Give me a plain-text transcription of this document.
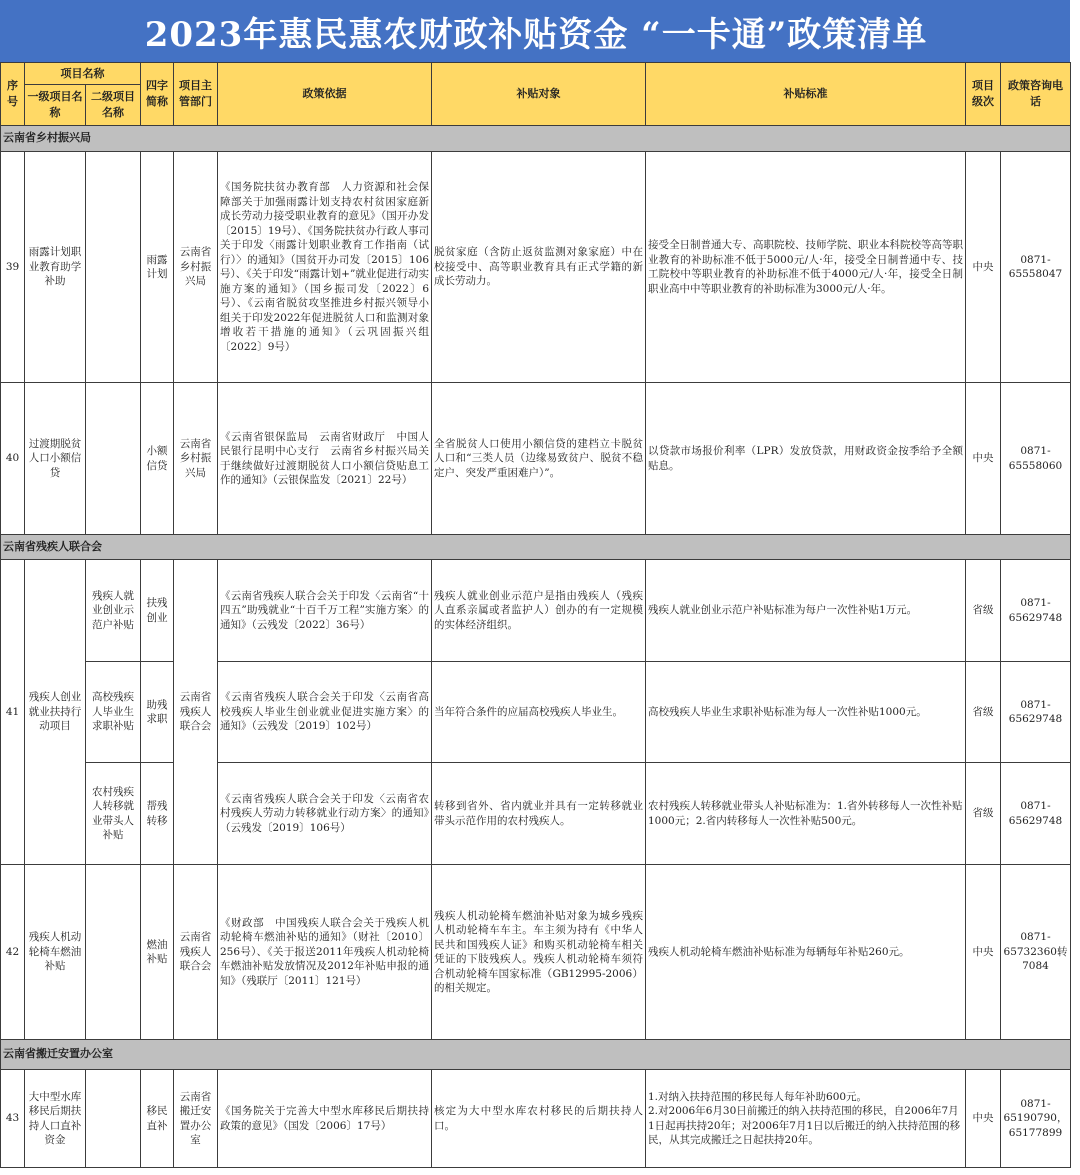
2023年惠民惠农财政补贴资金 “一卡通”政策清单
序号	项目名称		四字简称	项目主管部门	政策依据	补贴对象	补贴标准	项目级次	政策咨询电话
	一级项目名称	二级项目名称							
云南省乡村振兴局									
39	雨露计划职业教育助学补助		雨露计划	云南省乡村振兴局	《国务院扶贫办教育部　人力资源和社会保障部关于加强雨露计划支持农村贫困家庭新成长劳动力接受职业教育的意见》（国开办发〔2015〕19号）、《国务院扶贫办行政人事司关于印发〈雨露计划职业教育工作指南（试行）〉的通知》（国贫开办司发〔2015〕106号）、《关于印发“雨露计划+”就业促进行动实施方案的通知》（国乡振司发〔2022〕6号）、《云南省脱贫攻坚推进乡村振兴领导小组关于印发2022年促进脱贫人口和监测对象增收若干措施的通知》（云巩固振兴组〔2022〕9号）	脱贫家庭（含防止返贫监测对象家庭）中在校接受中、高等职业教育具有正式学籍的新成长劳动力。	接受全日制普通大专、高职院校、技师学院、职业本科院校等高等职业教育的补助标准不低于5000元/人·年，接受全日制普通中专、技工院校中等职业教育的补助标准不低于4000元/人·年，接受全日制职业高中中等职业教育的补助标准为3000元/人·年。	中央	0871-65558047
40	过渡期脱贫人口小额信贷		小额信贷	云南省乡村振兴局	《云南省银保监局　云南省财政厅　中国人民银行昆明中心支行　云南省乡村振兴局关于继续做好过渡期脱贫人口小额信贷贴息工作的通知》（云银保监发〔2021〕22号）	全省脱贫人口使用小额信贷的建档立卡脱贫人口和“三类人员（边缘易致贫户、脱贫不稳定户、突发严重困难户）”。	以贷款市场报价利率（LPR）发放贷款，用财政资金按季给予全额贴息。	中央	0871-65558060
云南省残疾人联合会									
41	残疾人创业就业扶持行动项目	残疾人就业创业示范户补贴	扶残创业	云南省残疾人联合会	《云南省残疾人联合会关于印发〈云南省“十四五”助残就业“十百千万工程”实施方案〉的通知》（云残发〔2022〕36号）	残疾人就业创业示范户是指由残疾人（残疾人直系亲属或者监护人）创办的有一定规模的实体经济组织。	残疾人就业创业示范户补贴标准为每户一次性补贴1万元。	省级	0871-65629748
		高校残疾人毕业生求职补贴	助残求职		《云南省残疾人联合会关于印发〈云南省高校残疾人毕业生创业就业促进实施方案〉的通知》（云残发〔2019〕102号）	当年符合条件的应届高校残疾人毕业生。	高校残疾人毕业生求职补贴标准为每人一次性补贴1000元。	省级	0871-65629748
		农村残疾人转移就业带头人补贴	帮残转移		《云南省残疾人联合会关于印发〈云南省农村残疾人劳动力转移就业行动方案〉的通知》（云残发〔2019〕106号）	转移到省外、省内就业并具有一定转移就业带头示范作用的农村残疾人。	农村残疾人转移就业带头人补贴标准为：1.省外转移每人一次性补贴1000元；2.省内转移每人一次性补贴500元。	省级	0871-65629748
42	残疾人机动轮椅车燃油补贴		燃油补贴	云南省残疾人联合会	《财政部　中国残疾人联合会关于残疾人机动轮椅车燃油补贴的通知》（财社〔2010〕256号）、《关于报送2011年残疾人机动轮椅车燃油补贴发放情况及2012年补贴申报的通知》（残联厅〔2011〕121号）	残疾人机动轮椅车燃油补贴对象为城乡残疾人机动轮椅车车主。车主须为持有《中华人民共和国残疾人证》和购买机动轮椅车相关凭证的下肢残疾人。残疾人机动轮椅车须符合机动轮椅车国家标准（GB12995-2006）的相关规定。	残疾人机动轮椅车燃油补贴标准为每辆每年补贴260元。	中央	0871-65732360转7084
云南省搬迁安置办公室									
43	大中型水库移民后期扶持人口直补资金		移民直补	云南省搬迁安置办公室	《国务院关于完善大中型水库移民后期扶持政策的意见》（国发〔2006〕17号）	核定为大中型水库农村移民的后期扶持人口。	1.对纳入扶持范围的移民每人每年补助600元。
2.对2006年6月30日前搬迁的纳入扶持范围的移民，自2006年7月1日起再扶持20年；对2006年7月1日以后搬迁的纳入扶持范围的移民，从其完成搬迁之日起扶持20年。	中央	0871-65190790，65177899
